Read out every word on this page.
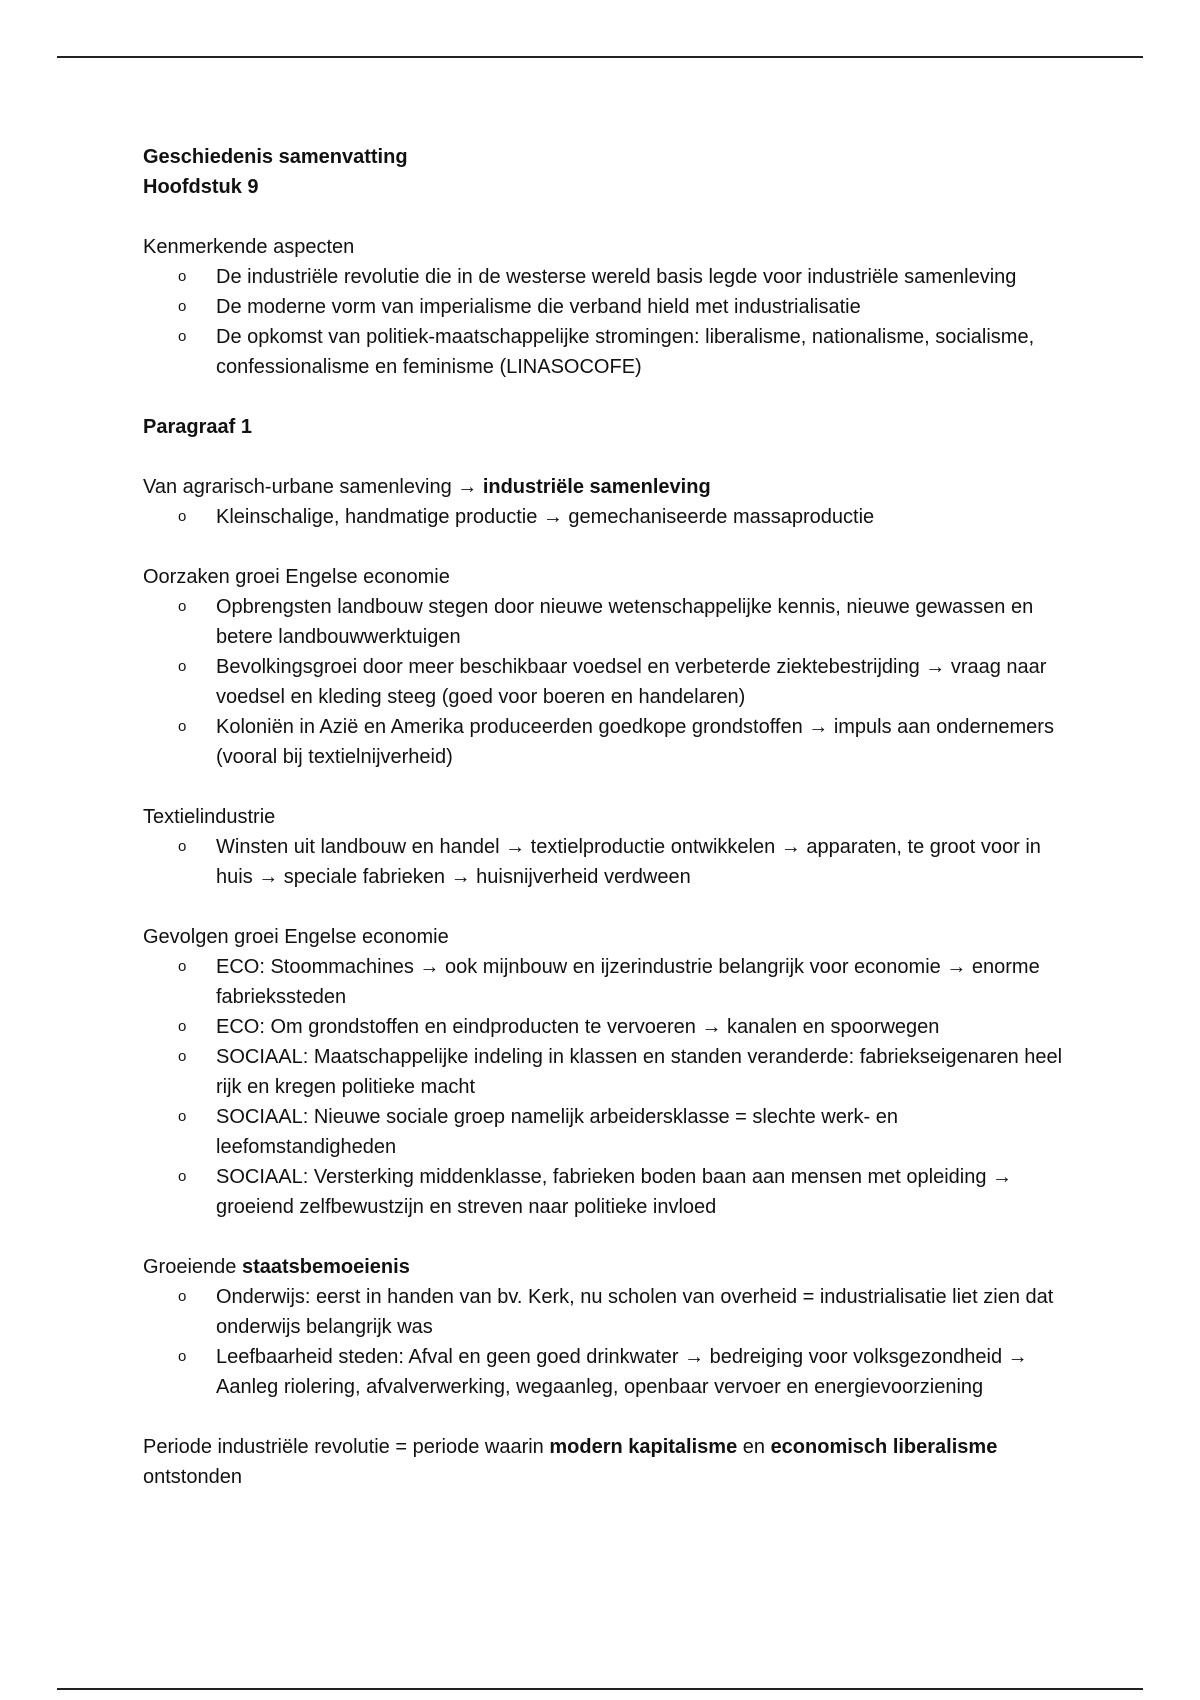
Geschiedenis samenvatting

Hoofdstuk 9

Kenmerkende aspecten

o De industriële revolutie die in de westerse wereld basis legde voor industriële samenleving
o De moderne vorm van imperialisme die verband hield met industrialisatie
o De opkomst van politiek-maatschappelijke stromingen: liberalisme, nationalisme, socialisme, confessionalisme en feminisme (LINASOCOFE)

Paragraaf 1

Van agrarisch-urbane samenleving → industriële samenleving

o Kleinschalige, handmatige productie → gemechaniseerde massaproductie

Oorzaken groei Engelse economie

o Opbrengsten landbouw stegen door nieuwe wetenschappelijke kennis, nieuwe gewassen en betere landbouwwerktuigen
o Bevolkingsgroei door meer beschikbaar voedsel en verbeterde ziektebestrijding → vraag naar voedsel en kleding steeg (goed voor boeren en handelaren)
o Koloniën in Azië en Amerika produceerden goedkope grondstoffen → impuls aan ondernemers (vooral bij textielnijverheid)

Textielindustrie

o Winsten uit landbouw en handel → textielproductie ontwikkelen → apparaten, te groot voor in huis → speciale fabrieken → huisnijverheid verdween

Gevolgen groei Engelse economie

o ECO: Stoommachines → ook mijnbouw en ijzerindustrie belangrijk voor economie → enorme fabriekssteden
o ECO: Om grondstoffen en eindproducten te vervoeren → kanalen en spoorwegen
o SOCIAAL: Maatschappelijke indeling in klassen en standen veranderde: fabriekseigenaren heel rijk en kregen politieke macht
o SOCIAAL: Nieuwe sociale groep namelijk arbeidersklasse = slechte werk- en leefomstandigheden
o SOCIAAL: Versterking middenklasse, fabrieken boden baan aan mensen met opleiding → groeiend zelfbewustzijn en streven naar politieke invloed

Groeiende staatsbemoeienis

o Onderwijs: eerst in handen van bv. Kerk, nu scholen van overheid = industrialisatie liet zien dat onderwijs belangrijk was
o Leefbaarheid steden: Afval en geen goed drinkwater → bedreiging voor volksgezondheid → Aanleg riolering, afvalverwerking, wegaanleg, openbaar vervoer en energievoorziening

Periode industriële revolutie = periode waarin modern kapitalisme en economisch liberalisme ontstonden
